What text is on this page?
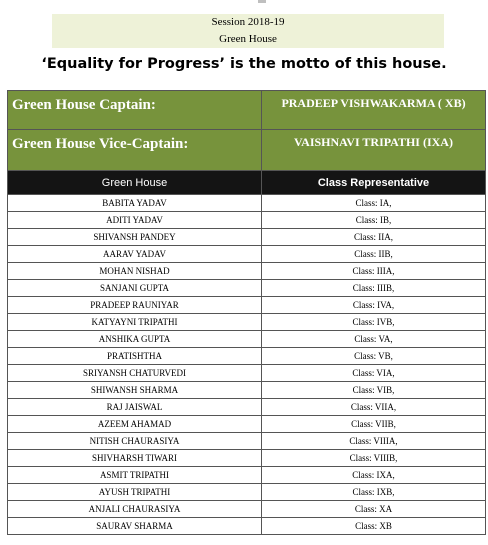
Session 2018-19
Green House
‘Equality for Progress’ is the motto of this house.
Green House Captain:	PRADEEP VISHWAKARMA ( XB)
Green House Vice-Captain:	VAISHNAVI TRIPATHI (IXA)
Green House	Class Representative
BABITA YADAV	Class: IA,
ADITI YADAV	Class: IB,
SHIVANSH PANDEY	Class: IIA,
AARAV YADAV	Class: IIB,
MOHAN NISHAD	Class: IIIA,
SANJANI GUPTA	Class: IIIB,
PRADEEP RAUNIYAR	Class: IVA,
KATYAYNI TRIPATHI	Class: IVB,
ANSHIKA GUPTA	Class: VA,
PRATISHTHA	Class: VB,
SRIYANSH CHATURVEDI	Class: VIA,
SHIWANSH SHARMA	Class: VIB,
RAJ JAISWAL	Class: VIIA,
AZEEM AHAMAD	Class: VIIB,
NITISH CHAURASIYA	Class: VIIIA,
SHIVHARSH TIWARI	Class: VIIIB,
ASMIT TRIPATHI	Class: IXA,
AYUSH TRIPATHI	Class: IXB,
ANJALI CHAURASIYA	Class: XA
SAURAV SHARMA	Class: XB
